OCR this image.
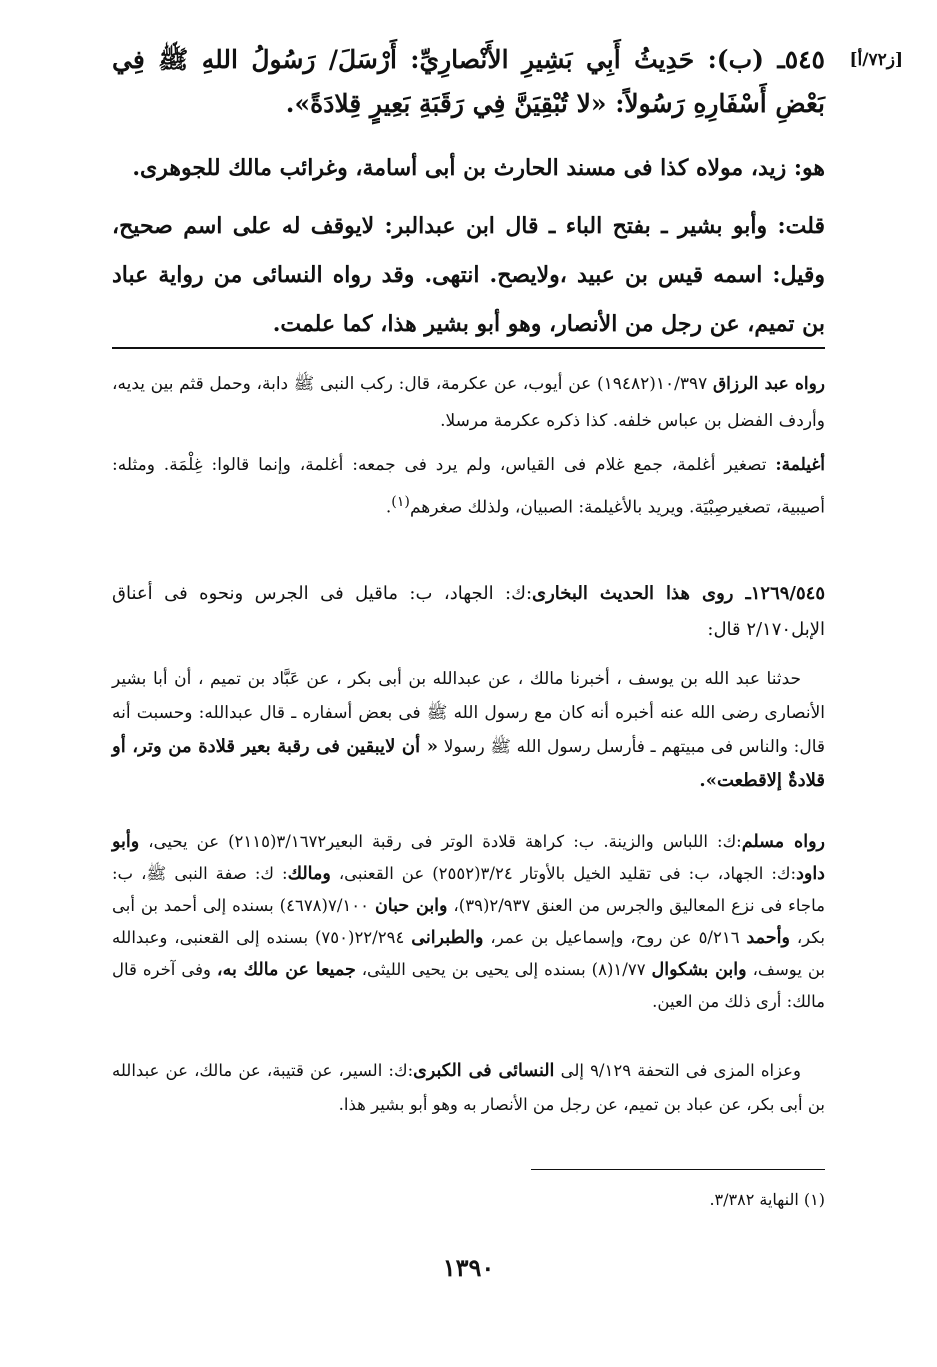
[ز٧٢/أ]
٥٤٥ـ (ب): حَدِيثُ أَبِي بَشِيرِ الأَنْصارِيِّ: أَرْسَلَ/ رَسُولُ اللهِ ﷺ فِي بَعْضِ أَسْفَارِهِ رَسُولاً: «لا تُبْقِيَنَّ فِي رَقَبَةِ بَعِيرٍ قِلادَةً».
هو: زيد، مولاه كذا فى مسند الحارث بن أبى أسامة، وغرائب مالك للجوهرى.
قلت: وأبو بشير ـ بفتح الباء ـ قال ابن عبدالبر: لايوقف له على اسم صحيح، وقيل: اسمه قيس بن عبيد ،ولايصح. انتهى. وقد رواه النسائى من رواية عباد بن تميم، عن رجل من الأنصار، وهو أبو بشير هذا، كما علمت.
رواه عبد الرزاق ١٠/٣٩٧(١٩٤٨٢) عن أيوب، عن عكرمة، قال: ركب النبى ﷺ دابة، وحمل قثم بين يديه، وأردف الفضل بن عباس خلفه. كذا ذكره عكرمة مرسلا.
أغيلمة: تصغير أغلمة، جمع غلام فى القياس، ولم يرد فى جمعه: أغلمة، وإنما قالوا: غِلْمَة. ومثله: أصيبية، تصغيرصِبْيَة. ويريد بالأغيلمة: الصبيان، ولذلك صغرهم$^{(١)}$.
١٢٦٩/٥٤٥ـ روى هذا الحديث البخارى:ك: الجهاد، ب: ماقيل فى الجرس ونحوه فى أعناق الإبل٢/١٧٠ قال:
حدثنا عبد الله بن يوسف ، أخبرنا مالك ، عن عبدالله بن أبى بكر ، عن عَبَّاد بن تميم ، أن أبا بشير الأنصارى رضى الله عنه أخبره أنه كان مع رسول الله ﷺ فى بعض أسفاره ـ قال عبدالله: وحسبت أنه قال: والناس فى مبيتهم ـ فأرسل رسول الله ﷺ رسولا « أن لايبقين فى رقبة بعير قلادة من وتر، أو قلادةٌ إلاقطعت».
رواه مسلم:ك: اللباس والزينة. ب: كراهة قلادة الوتر فى رقبة البعير٣/١٦٧٢(٢١١٥) عن يحيى، وأبو داود:ك: الجهاد، ب: فى تقليد الخيل بالأوتار ٣/٢٤(٢٥٥٢) عن القعنبى، ومالك: ك: صفة النبى ﷺ، ب: ماجاء فى نزع المعاليق والجرس من العنق ٢/٩٣٧(٣٩)، وابن حبان ٧/١٠٠(٤٦٧٨) بسنده إلى أحمد بن أبى بكر، وأحمد ٥/٢١٦ عن روح، وإسماعيل بن عمر، والطبرانى ٢٢/٢٩٤(٧٥٠) بسنده إلى القعنبى، وعبدالله بن يوسف، وابن بشكوال ١/٧٧(٨) بسنده إلى يحيى بن يحيى الليثى، جميعا عن مالك به، وفى آخره قال مالك: أرى ذلك من العين.
وعزاه المزى فى التحفة ٩/١٢٩ إلى النسائى فى الكبرى:ك: السير، عن قتيبة، عن مالك، عن عبدالله بن أبى بكر، عن عباد بن تميم، عن رجل من الأنصار به وهو أبو بشير هذا.
(١) النهاية ٣/٣٨٢.
١٣٩٠
